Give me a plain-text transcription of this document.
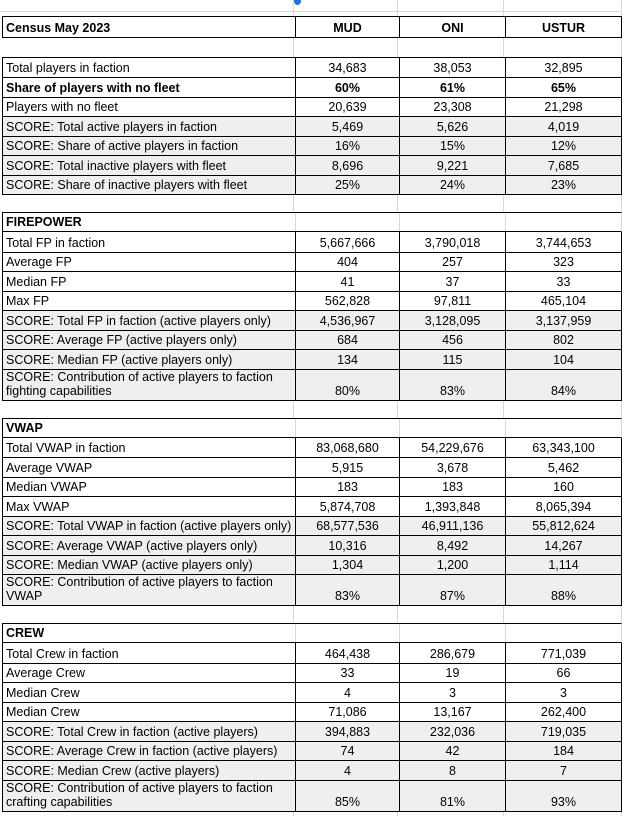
Census May 2023	MUD	ONI	USTUR
Total players in faction	34,683	38,053	32,895
Share of players with no fleet	60%	61%	65%
Players with no fleet	20,639	23,308	21,298
SCORE: Total active players in faction	5,469	5,626	4,019
SCORE: Share of active players in faction	16%	15%	12%
SCORE: Total inactive players with fleet	8,696	9,221	7,685
SCORE: Share of inactive players with fleet	25%	24%	23%
FIREPOWER
Total FP in faction	5,667,666	3,790,018	3,744,653
Average FP	404	257	323
Median FP	41	37	33
Max FP	562,828	97,811	465,104
SCORE: Total FP in faction (active players only)	4,536,967	3,128,095	3,137,959
SCORE: Average FP (active players only)	684	456	802
SCORE: Median FP (active players only)	134	115	104
SCORE: Contribution of active players to faction fighting capabilities	80%	83%	84%
VWAP
Total VWAP in faction	83,068,680	54,229,676	63,343,100
Average VWAP	5,915	3,678	5,462
Median VWAP	183	183	160
Max VWAP	5,874,708	1,393,848	8,065,394
SCORE: Total VWAP in faction (active players only)	68,577,536	46,911,136	55,812,624
SCORE: Average VWAP (active players only)	10,316	8,492	14,267
SCORE: Median VWAP (active players only)	1,304	1,200	1,114
SCORE: Contribution of active players to faction VWAP	83%	87%	88%
CREW
Total Crew in faction	464,438	286,679	771,039
Average Crew	33	19	66
Median Crew	4	3	3
Median Crew	71,086	13,167	262,400
SCORE: Total Crew in faction (active players)	394,883	232,036	719,035
SCORE: Average Crew in faction (active players)	74	42	184
SCORE: Median Crew (active players)	4	8	7
SCORE: Contribution of active players to faction crafting capabilities	85%	81%	93%
